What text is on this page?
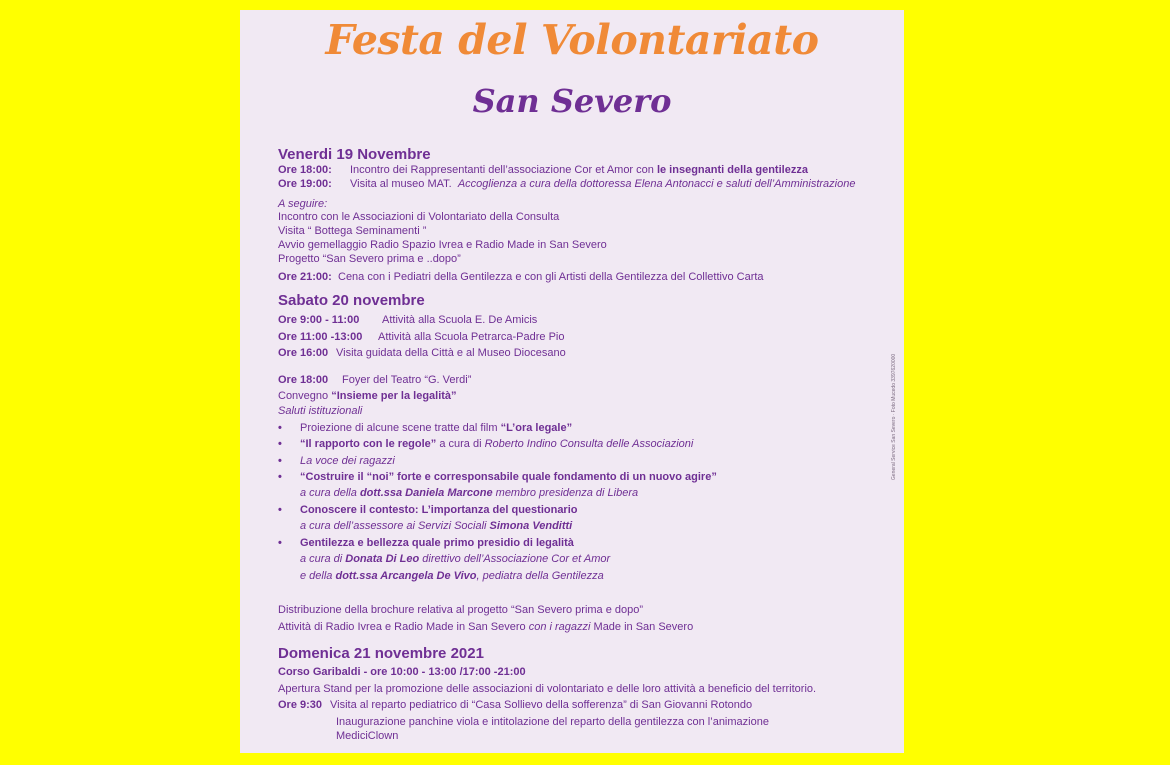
Festa del Volontariato
San Severo
Venerdi 19 Novembre
Ore 18:00: Incontro dei Rappresentanti dell’associazione Cor et Amor con le insegnanti della gentilezza
Ore 19:00: Visita al museo MAT. Accoglienza a cura della dottoressa Elena Antonacci e saluti dell’Amministrazione
A seguire:
Incontro con le Associazioni di Volontariato della Consulta
Visita “ Bottega Seminamenti ”
Avvio gemellaggio Radio Spazio Ivrea e Radio Made in San Severo
Progetto “San Severo prima e ..dopo”
Ore 21:00: Cena con i Pediatri della Gentilezza e con gli Artisti della Gentilezza del Collettivo Carta
Sabato 20 novembre
Ore 9:00 - 11:00 Attività alla Scuola E. De Amicis
Ore 11:00 -13:00 Attività alla Scuola Petrarca-Padre Pio
Ore 16:00 Visita guidata della Città e al Museo Diocesano
Ore 18:00 Foyer del Teatro “G. Verdi”
Convegno “Insieme per la legalità”
Saluti istituzionali
• Proiezione di alcune scene tratte dal film “L’ora legale”
• “Il rapporto con le regole” a cura di Roberto Indino Consulta delle Associazioni
• La voce dei ragazzi
• “Costruire il “noi” forte e corresponsabile quale fondamento di un nuovo agire”
a cura della dott.ssa Daniela Marcone membro presidenza di Libera
• Conoscere il contesto: L’importanza del questionario
a cura dell’assessore ai Servizi Sociali Simona Venditti
• Gentilezza e bellezza quale primo presidio di legalità
a cura di Donata Di Leo direttivo dell’Associazione Cor et Amor
e della dott.ssa Arcangela De Vivo, pediatra della Gentilezza
Distribuzione della brochure relativa al progetto “San Severo prima e dopo”
Attività di Radio Ivrea e Radio Made in San Severo con i ragazzi Made in San Severo
Domenica 21 novembre 2021
Corso Garibaldi - ore 10:00 - 13:00 /17:00 -21:00
Apertura Stand per la promozione delle associazioni di volontariato e delle loro attività a beneficio del territorio.
Ore 9:30 Visita al reparto pediatrico di “Casa Sollievo della sofferenza” di San Giovanni Rotondo
Inaugurazione panchine viola e intitolazione del reparto della gentilezza con l’animazione
MediciClown
General Service San Severo · Foto Mucedo 3397620000
